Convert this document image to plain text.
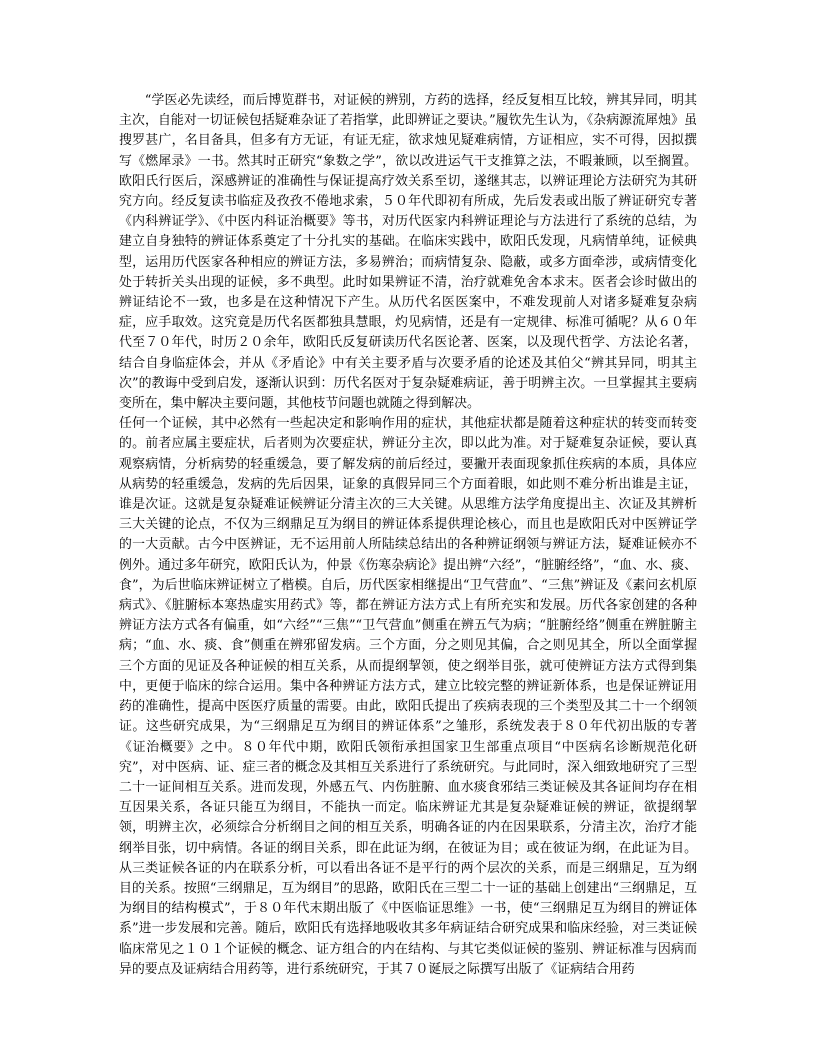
“学医必先读经，而后博览群书，对证候的辨别，方药的选择，经反复相互比较，辨其异同，明其主次，自能对一切证候包括疑难杂证了若指掌，此即辨证之要诀。”履钦先生认为，《杂病源流犀烛》虽搜罗甚广，名目备具，但多有方无证，有证无症，欲求烛见疑难病情，方证相应，实不可得，因拟撰写《燃犀录》一书。然其时正研究“象数之学”，欲以改进运气干支推算之法，不暇兼顾，以至搁置。欧阳氏行医后，深感辨证的准确性与保证提高疗效关系至切，遂继其志，以辨证理论方法研究为其研究方向。经反复读书临症及孜孜不倦地求索，５０年代即初有所成，先后发表或出版了辨证研究专著《内科辨证学》、《中医内科证治概要》等书，对历代医家内科辨证理论与方法进行了系统的总结，为建立自身独特的辨证体系奠定了十分扎实的基础。在临床实践中，欧阳氏发现，凡病情单纯，证候典型，运用历代医家各种相应的辨证方法，多易辨治；而病情复杂、隐蔽，或多方面牵涉，或病情变化处于转折关头出现的证候，多不典型。此时如果辨证不清，治疗就难免舍本求末。医者会诊时做出的辨证结论不一致，也多是在这种情况下产生。从历代名医医案中，不难发现前人对诸多疑难复杂病症，应手取效。这究竟是历代名医都独具慧眼，灼见病情，还是有一定规律、标准可循呢？从６０年代至７０年代，时历２０余年，欧阳氏反复研读历代名医论著、医案，以及现代哲学、方法论名著，结合自身临症体会，并从《矛盾论》中有关主要矛盾与次要矛盾的论述及其伯父“辨其异同，明其主次”的教诲中受到启发，逐渐认识到：历代名医对于复杂疑难病证，善于明辨主次。一旦掌握其主要病变所在，集中解决主要问题，其他枝节问题也就随之得到解决。

任何一个证候，其中必然有一些起决定和影响作用的症状，其他症状都是随着这种症状的转变而转变的。前者应属主要症状，后者则为次要症状，辨证分主次，即以此为准。对于疑难复杂证候，要认真观察病情，分析病势的轻重缓急，要了解发病的前后经过，要撇开表面现象抓住疾病的本质，具体应从病势的轻重缓急，发病的先后因果，证象的真假异同三个方面着眼，如此则不难分析出谁是主证，谁是次证。这就是复杂疑难证候辨证分清主次的三大关键。从思维方法学角度提出主、次证及其辨析三大关键的论点，不仅为三纲鼎足互为纲目的辨证体系提供理论核心，而且也是欧阳氏对中医辨证学的一大贡献。古今中医辨证，无不运用前人所陆续总结出的各种辨证纲领与辨证方法，疑难证候亦不例外。通过多年研究，欧阳氏认为，仲景《伤寒杂病论》提出辨“六经”，“脏腑经络”，“血、水、痰、食”，为后世临床辨证树立了楷模。自后，历代医家相继提出“卫气营血”、“三焦”辨证及《素问玄机原病式》、《脏腑标本寒热虚实用药式》等，都在辨证方法方式上有所充实和发展。历代各家创建的各种辨证方法方式各有偏重，如“六经”“三焦”“卫气营血”侧重在辨五气为病；“脏腑经络”侧重在辨脏腑主病；“血、水、痰、食”侧重在辨邪留发病。三个方面，分之则见其偏，合之则见其全，所以全面掌握三个方面的见证及各种证候的相互关系，从而提纲挈领，使之纲举目张，就可使辨证方法方式得到集中，更便于临床的综合运用。集中各种辨证方法方式，建立比较完整的辨证新体系，也是保证辨证用药的准确性，提高中医医疗质量的需要。由此，欧阳氏提出了疾病表现的三个类型及其二十一个纲领证。这些研究成果，为“三纲鼎足互为纲目的辨证体系”之雏形，系统发表于８０年代初出版的专著《证治概要》之中。８０年代中期，欧阳氏领衔承担国家卫生部重点项目“中医病名诊断规范化研究”，对中医病、证、症三者的概念及其相互关系进行了系统研究。与此同时，深入细致地研究了三型二十一证间相互关系。进而发现，外感五气、内伤脏腑、血水痰食邪结三类证候及其各证间均存在相互因果关系，各证只能互为纲目，不能执一而定。临床辨证尤其是复杂疑难证候的辨证，欲提纲挈领，明辨主次，必须综合分析纲目之间的相互关系，明确各证的内在因果联系，分清主次，治疗才能纲举目张，切中病情。各证的纲目关系，即在此证为纲，在彼证为目；或在彼证为纲，在此证为目。从三类证候各证的内在联系分析，可以看出各证不是平行的两个层次的关系，而是三纲鼎足，互为纲目的关系。按照“三纲鼎足，互为纲目”的思路，欧阳氏在三型二十一证的基础上创建出“三纲鼎足，互为纲目的结构模式”，于８０年代末期出版了《中医临证思维》一书，使“三纲鼎足互为纲目的辨证体系”进一步发展和完善。随后，欧阳氏有选择地吸收其多年病证结合研究成果和临床经验，对三类证候临床常见之１０１个证候的概念、证方组合的内在结构、与其它类似证候的鉴别、辨证标准与因病而异的要点及证病结合用药等，进行系统研究，于其７０诞辰之际撰写出版了《证病结合用药
